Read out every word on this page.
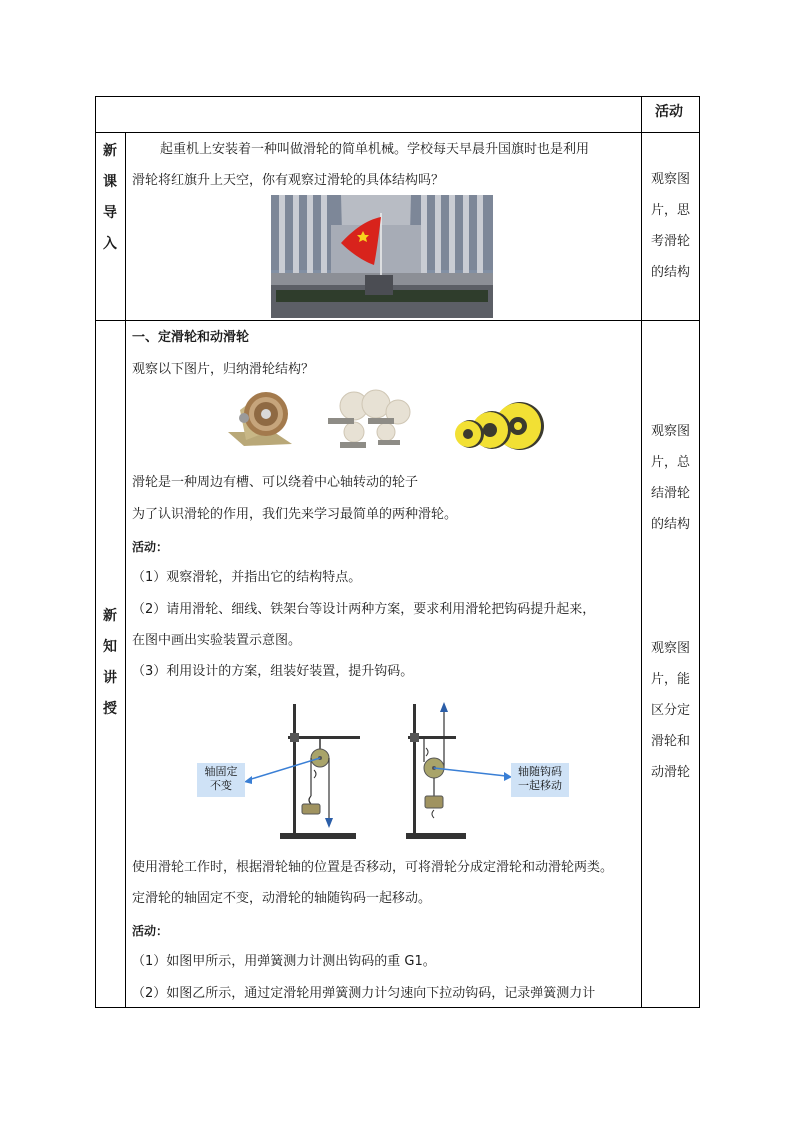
活动
新
课
导
入
起重机上安装着一种叫做滑轮的简单机械。学校每天早晨升国旗时也是利用
滑轮将红旗升上天空，你有观察过滑轮的具体结构吗？	观察图
片，思
考滑轮
的结构
一、定滑轮和动滑轮
观察以下图片，归纳滑轮结构？
滑轮是一种周边有槽、可以绕着中心轴转动的轮子
为了认识滑轮的作用，我们先来学习最简单的两种滑轮。
活动：
（1）观察滑轮，并指出它的结构特点。
（2）请用滑轮、细线、铁架台等设计两种方案，要求利用滑轮把钩码提升起来，
在图中画出实验装置示意图。
（3）利用设计的方案，组装好装置，提升钩码。
轴固定
不变
轴随钩码
一起移动
使用滑轮工作时，根据滑轮轴的位置是否移动，可将滑轮分成定滑轮和动滑轮两类。
定滑轮的轴固定不变，动滑轮的轴随钩码一起移动。
活动：
（1）如图甲所示，用弹簧测力计测出钩码的重 G1。
（2）如图乙所示，通过定滑轮用弹簧测力计匀速向下拉动钩码，记录弹簧测力计
新
知
讲
授
观察图
片，总
结滑轮
的结构
观察图
片，能
区分定
滑轮和
动滑轮
